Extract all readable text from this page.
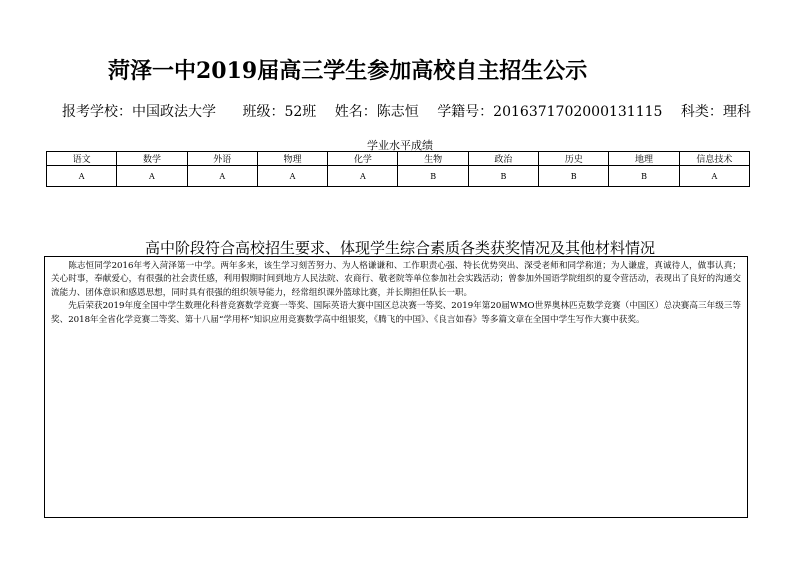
菏泽一中2019届高三学生参加高校自主招生公示
报考学校：中国政法大学 班级：52班 姓名：陈志恒 学籍号：2016371702000131115 科类：理科
学业水平成绩
语文	数学	外语	物理	化学	生物	政治	历史	地理	信息技术
A	A	A	A	A	B	B	B	B	A
高中阶段符合高校招生要求、体现学生综合素质各类获奖情况及其他材料情况

陈志恒同学2016年考入菏泽第一中学。两年多来，该生学习刻苦努力、为人格谦谦和、工作职责心强、特长优势突出、深受老师和同学称道；为人谦虚，真诚待人，做事认真；关心时事，奉献爱心，有很强的社会责任感，利用假期时间到地方人民法院、农商行、敬老院等单位参加社会实践活动；曾参加外国语学院组织的夏令营活动，表现出了良好的沟通交流能力、团体意识和感恩思想，同时具有很强的组织领导能力，经常组织课外篮球比赛，并长期担任队长一职。

先后荣获2019年度全国中学生数理化科普竞赛数学竞赛一等奖、国际英语大赛中国区总决赛一等奖、2019年第20届WMO世界奥林匹克数学竞赛（中国区）总决赛高三年级三等奖、2018年全省化学竞赛二等奖、第十八届“学用杯”知识应用竞赛数学高中组银奖，《腾飞的中国》、《良言如春》等多篇文章在全国中学生写作大赛中获奖。
